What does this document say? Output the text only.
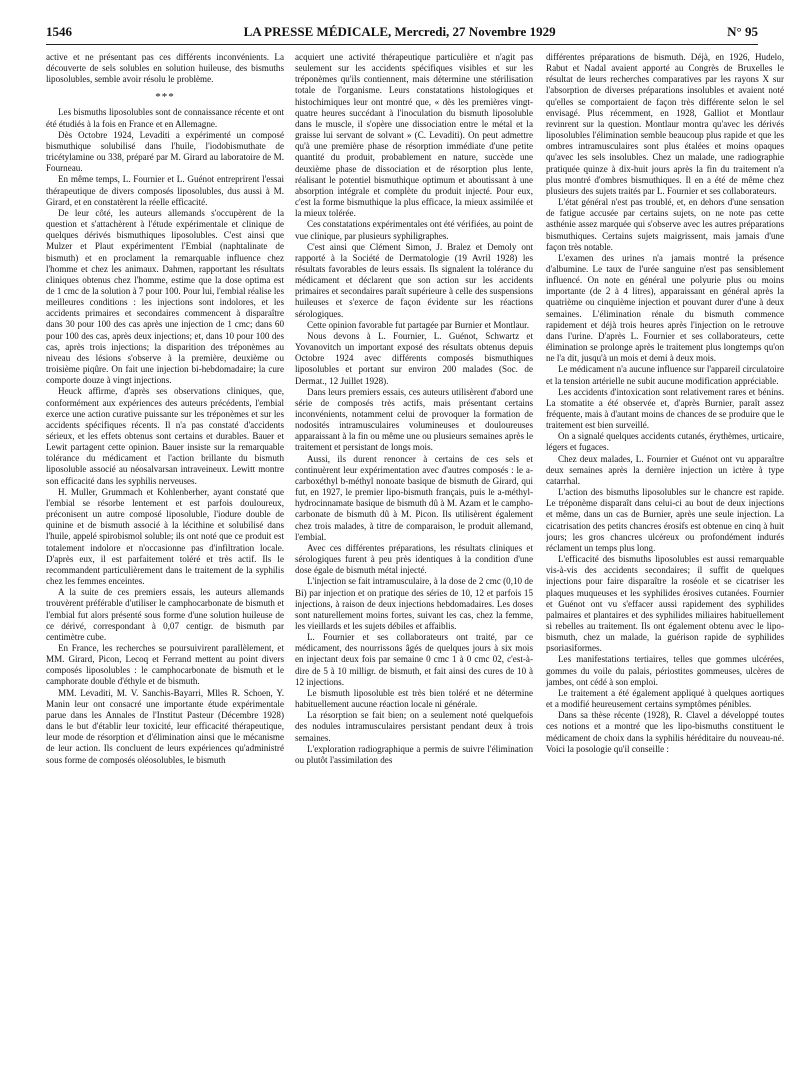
1546	LA PRESSE MÉDICALE, Mercredi, 27 Novembre 1929	N° 95

active et ne présentant pas ces différents inconvénients. La découverte de sels solubles en solution huileuse, des bismuths liposolubles, semble avoir résolu le problème.

***

Les bismuths liposolubles sont de connaissance récente et ont été étudiés à la fois en France et en Allemagne.

Dès Octobre 1924, Levaditi a expérimenté un composé bismuthique solubilisé dans l'huile, l'iodobismuthate de tricétylamine ou 338, préparé par M. Girard au laboratoire de M. Fourneau.

En même temps, L. Fournier et L. Guénot entreprirent l'essai thérapeutique de divers composés liposolubles, dus aussi à M. Girard, et en constatèrent la réelle efficacité.

De leur côté, les auteurs allemands s'occupèrent de la question et s'attachèrent à l'étude expérimentale et clinique de quelques dérivés bismuthiques liposolubles. C'est ainsi que Mulzer et Plaut expérimentent l'Embial (naphtalinate de bismuth) et en proclament la remarquable influence chez l'homme et chez les animaux. Dahmen, rapportant les résultats cliniques obtenus chez l'homme, estime que la dose optima est de 1 cmc de la solution à 7 pour 100. Pour lui, l'embial réalise les meilleures conditions : les injections sont indolores, et les accidents primaires et secondaires commencent à disparaître dans 30 pour 100 des cas après une injection de 1 cmc; dans 60 pour 100 des cas, après deux injections; et, dans 10 pour 100 des cas, après trois injections; la disparition des tréponèmes au niveau des lésions s'observe à la première, deuxième ou troisième piqûre. On fait une injection bi-hebdomadaire; la cure comporte douze à vingt injections.

Heuck affirme, d'après ses observations cliniques, que, conformément aux expériences des auteurs précédents, l'embial exerce une action curative puissante sur les tréponèmes et sur les accidents spécifiques récents. Il n'a pas constaté d'accidents sérieux, et les effets obtenus sont certains et durables. Bauer et Lewit partagent cette opinion. Bauer insiste sur la remarquable tolérance du médicament et l'action brillante du bismuth liposoluble associé au néosalvarsan intraveineux. Lewitt montre son efficacité dans les syphilis nerveuses.

H. Muller, Grummach et Kohlenberher, ayant constaté que l'embial se résorbe lentement et est parfois douloureux, préconisent un autre composé liposoluble, l'iodure double de quinine et de bismuth associé à la lécithine et solubilisé dans l'huile, appelé spirobismol soluble; ils ont noté que ce produit est totalement indolore et n'occasionne pas d'infiltration locale. D'après eux, il est parfaitement toléré et très actif. Ils le recommandent particulièrement dans le traitement de la syphilis chez les femmes enceintes.

A la suite de ces premiers essais, les auteurs allemands trouvèrent préférable d'utiliser le camphocarbonate de bismuth et l'embial fut alors présenté sous forme d'une solution huileuse de ce dérivé, correspondant à 0,07 centigr. de bismuth par centimètre cube.

En France, les recherches se poursuivirent parallèlement, et MM. Girard, Picon, Lecoq et Ferrand mettent au point divers composés liposolubles : le camphocarbonate de bismuth et le camphorate double d'éthyle et de bismuth.

MM. Levaditi, M. V. Sanchis-Bayarri, Mlles R. Schoen, Y. Manin leur ont consacré une importante étude expérimentale parue dans les Annales de l'Institut Pasteur (Décembre 1928) dans le but d'établir leur toxicité, leur efficacité thérapeutique, leur mode de résorption et d'élimination ainsi que le mécanisme de leur action. Ils concluent de leurs expériences qu'administré sous forme de composés oléosolubles, le bismuth

acquiert une activité thérapeutique particulière et n'agit pas seulement sur les accidents spécifiques visibles et sur les tréponèmes qu'ils contiennent, mais détermine une stérilisation totale de l'organisme. Leurs constatations histologiques et histochimiques leur ont montré que, « dès les premières vingt-quatre heures succédant à l'inoculation du bismuth liposoluble dans le muscle, il s'opère une dissociation entre le métal et la graisse lui servant de solvant » (C. Levaditi). On peut admettre qu'à une première phase de résorption immédiate d'une petite quantité du produit, probablement en nature, succède une deuxième phase de dissociation et de résorption plus lente, réalisant le potentiel bismuthique optimum et aboutissant à une absorption intégrale et complète du produit injecté. Pour eux, c'est la forme bismuthique la plus efficace, la mieux assimilée et la mieux tolérée.

Ces constatations expérimentales ont été vérifiées, au point de vue clinique, par plusieurs syphiligraphes.

C'est ainsi que Clément Simon, J. Bralez et Demoly ont rapporté à la Société de Dermatologie (19 Avril 1928) les résultats favorables de leurs essais. Ils signalent la tolérance du médicament et déclarent que son action sur les accidents primaires et secondaires paraît supérieure à celle des suspensions huileuses et s'exerce de façon évidente sur les réactions sérologiques.

Cette opinion favorable fut partagée par Burnier et Montlaur.

Nous devons à L. Fournier, L. Guénot, Schwartz et Yovanovitch un important exposé des résultats obtenus depuis Octobre 1924 avec différents composés bismuthiques liposolubles et portant sur environ 200 malades (Soc. de Dermat., 12 Juillet 1928).

Dans leurs premiers essais, ces auteurs utilisèrent d'abord une série de composés très actifs, mais présentant certains inconvénients, notamment celui de provoquer la formation de nodosités intramusculaires volumineuses et douloureuses apparaissant à la fin ou même une ou plusieurs semaines après le traitement et persistant de longs mois.

Aussi, ils durent renoncer à certains de ces sels et continuèrent leur expérimentation avec d'autres composés : le a-carboxéthyl b-méthyl nonoate basique de bismuth de Girard, qui fut, en 1927, le premier lipo-bismuth français, puis le a-méthyl-hydrocinnamate basique de bismuth dû à M. Azam et le campho-carbonate de bismuth dû à M. Picon. Ils utilisèrent également chez trois malades, à titre de comparaison, le produit allemand, l'embial.

Avec ces différentes préparations, les résultats cliniques et sérologiques furent à peu près identiques à la condition d'une dose égale de bismuth métal injecté.

L'injection se fait intramusculaire, à la dose de 2 cmc (0,10 de Bi) par injection et on pratique des séries de 10, 12 et parfois 15 injections, à raison de deux injections hebdomadaires. Les doses sont naturellement moins fortes, suivant les cas, chez la femme, les vieillards et les sujets débiles et affaiblis.

L. Fournier et ses collaborateurs ont traité, par ce médicament, des nourrissons âgés de quelques jours à six mois en injectant deux fois par semaine 0 cmc 1 à 0 cmc 02, c'est-à-dire de 5 à 10 milligr. de bismuth, et fait ainsi des cures de 10 à 12 injections.

Le bismuth liposoluble est très bien toléré et ne détermine habituellement aucune réaction locale ni générale.

La résorption se fait bien; on a seulement noté quelquefois des nodules intramusculaires persistant pendant deux à trois semaines.

L'exploration radiographique a permis de suivre l'élimination ou plutôt l'assimilation des

différentes préparations de bismuth. Déjà, en 1926, Hudelo, Rabut et Nadal avaient apporté au Congrès de Bruxelles le résultat de leurs recherches comparatives par les rayons X sur l'absorption de diverses préparations insolubles et avaient noté qu'elles se comportaient de façon très différente selon le sel envisagé. Plus récemment, en 1928, Galliot et Montlaur revinrent sur la question. Montlaur montra qu'avec les dérivés liposolubles l'élimination semble beaucoup plus rapide et que les ombres intramusculaires sont plus étalées et moins opaques qu'avec les sels insolubles. Chez un malade, une radiographie pratiquée quinze à dix-huit jours après la fin du traitement n'a plus montré d'ombres bismuthiques. Il en a été de même chez plusieurs des sujets traités par L. Fournier et ses collaborateurs.

L'état général n'est pas troublé, et, en dehors d'une sensation de fatigue accusée par certains sujets, on ne note pas cette asthénie assez marquée qui s'observe avec les autres préparations bismuthiques. Certains sujets maigrissent, mais jamais d'une façon très notable.

L'examen des urines n'a jamais montré la présence d'albumine. Le taux de l'urée sanguine n'est pas sensiblement influencé. On note en général une polyurie plus ou moins importante (de 2 à 4 litres), apparaissant en général après la quatrième ou cinquième injection et pouvant durer d'une à deux semaines. L'élimination rénale du bismuth commence rapidement et déjà trois heures après l'injection on le retrouve dans l'urine. D'après L. Fournier et ses collaborateurs, cette élimination se prolonge après le traitement plus longtemps qu'on ne l'a dit, jusqu'à un mois et demi à deux mois.

Le médicament n'a aucune influence sur l'appareil circulatoire et la tension artérielle ne subit aucune modification appréciable.

Les accidents d'intoxication sont relativement rares et bénins. La stomatite a été observée et, d'après Burnier, paraît assez fréquente, mais à d'autant moins de chances de se produire que le traitement est bien surveillé.

On a signalé quelques accidents cutanés, érythèmes, urticaire, légers et fugaces.

Chez deux malades, L. Fournier et Guénot ont vu apparaître deux semaines après la dernière injection un ictère à type catarrhal.

L'action des bismuths liposolubles sur le chancre est rapide. Le tréponème disparaît dans celui-ci au bout de deux injections et même, dans un cas de Burnier, après une seule injection. La cicatrisation des petits chancres érosifs est obtenue en cinq à huit jours; les gros chancres ulcéreux ou profondément indurés réclament un temps plus long.

L'efficacité des bismuths liposolubles est aussi remarquable vis-à-vis des accidents secondaires; il suffit de quelques injections pour faire disparaître la roséole et se cicatriser les plaques muqueuses et les syphilides érosives cutanées. Fournier et Guénot ont vu s'effacer aussi rapidement des syphilides palmaires et plantaires et des syphilides miliaires habituellement si rebelles au traitement. Ils ont également obtenu avec le lipo-bismuth, chez un malade, la guérison rapide de syphilides psoriasiformes.

Les manifestations tertiaires, telles que gommes ulcérées, gommes du voile du palais, périostites gommeuses, ulcères de jambes, ont cédé à son emploi.

Le traitement a été également appliqué à quelques aortiques et a modifié heureusement certains symptômes pénibles.

Dans sa thèse récente (1928), R. Clavel a développé toutes ces notions et a montré que les lipo-bismuths constituent le médicament de choix dans la syphilis héréditaire du nouveau-né. Voici la posologie qu'il conseille :
